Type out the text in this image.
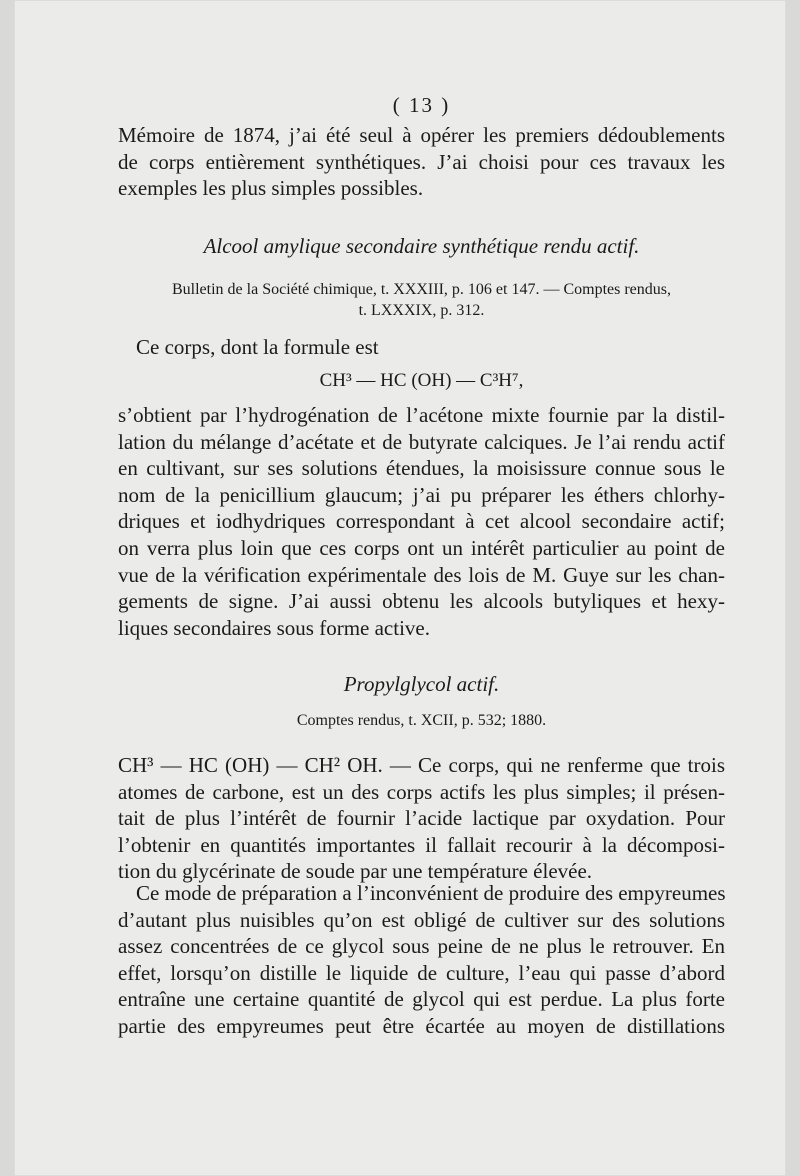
( 13 )
Mémoire de 1874, j’ai été seul à opérer les premiers dédoublements
de corps entièrement synthétiques. J’ai choisi pour ces travaux les
exemples les plus simples possibles.
Alcool amylique secondaire synthétique rendu actif.
Bulletin de la Société chimique, t. XXXIII, p. 106 et 147. — Comptes rendus,
t. LXXXIX, p. 312.
Ce corps, dont la formule est
CH³ — HC (OH) — C³H⁷,
s’obtient par l’hydrogénation de l’acétone mixte fournie par la distil-
lation du mélange d’acétate et de butyrate calciques. Je l’ai rendu actif
en cultivant, sur ses solutions étendues, la moisissure connue sous le
nom de la penicillium glaucum; j’ai pu préparer les éthers chlorhy-
driques et iodhydriques correspondant à cet alcool secondaire actif;
on verra plus loin que ces corps ont un intérêt particulier au point de
vue de la vérification expérimentale des lois de M. Guye sur les chan-
gements de signe. J’ai aussi obtenu les alcools butyliques et hexy-
liques secondaires sous forme active.
Propylglycol actif.
Comptes rendus, t. XCII, p. 532; 1880.
CH³ — HC (OH) — CH² OH. — Ce corps, qui ne renferme que trois
atomes de carbone, est un des corps actifs les plus simples; il présen-
tait de plus l’intérêt de fournir l’acide lactique par oxydation. Pour
l’obtenir en quantités importantes il fallait recourir à la décomposi-
tion du glycérinate de soude par une température élevée.
Ce mode de préparation a l’inconvénient de produire des empyreumes
d’autant plus nuisibles qu’on est obligé de cultiver sur des solutions
assez concentrées de ce glycol sous peine de ne plus le retrouver. En
effet, lorsqu’on distille le liquide de culture, l’eau qui passe d’abord
entraîne une certaine quantité de glycol qui est perdue. La plus forte
partie des empyreumes peut être écartée au moyen de distillations
